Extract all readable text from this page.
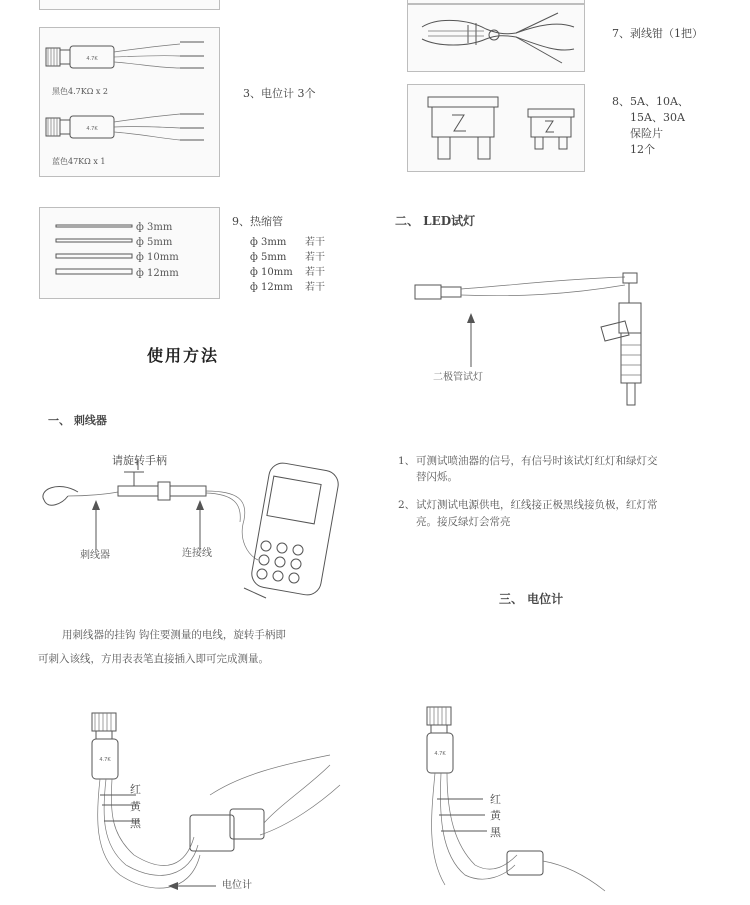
7、剥线钳（1把）
4.7K
4.7K
黑色4.7KΩ x 2
蓝色47KΩ x 1
3、电位计 3个
8、5A、10A、
15A、30A
保险片
12个
ф 3mm
ф 5mm
ф 10mm
ф 12mm
9、热缩管
ф 3mm 若干
ф 5mm 若干
ф 10mm 若干
ф 12mm 若干
二、 LED试灯
二极管试灯
1、 可测试喷油器的信号，有信号时该试灯红灯和绿灯交
替闪烁。
2、 试灯测试电源供电，红线接正极黑线接负极，红灯常
亮。接反绿灯会常亮
使用方法
一、 刺线器
请旋转手柄
刺线器	连接线
用刺线器的挂钩 钩住要测量的电线，旋转手柄即
可刺入该线，方用表表笔直接插入即可完成测量。
三、 电位计
4.7K
红
黄
黑
电位计
4.7K
红
黄
黑
